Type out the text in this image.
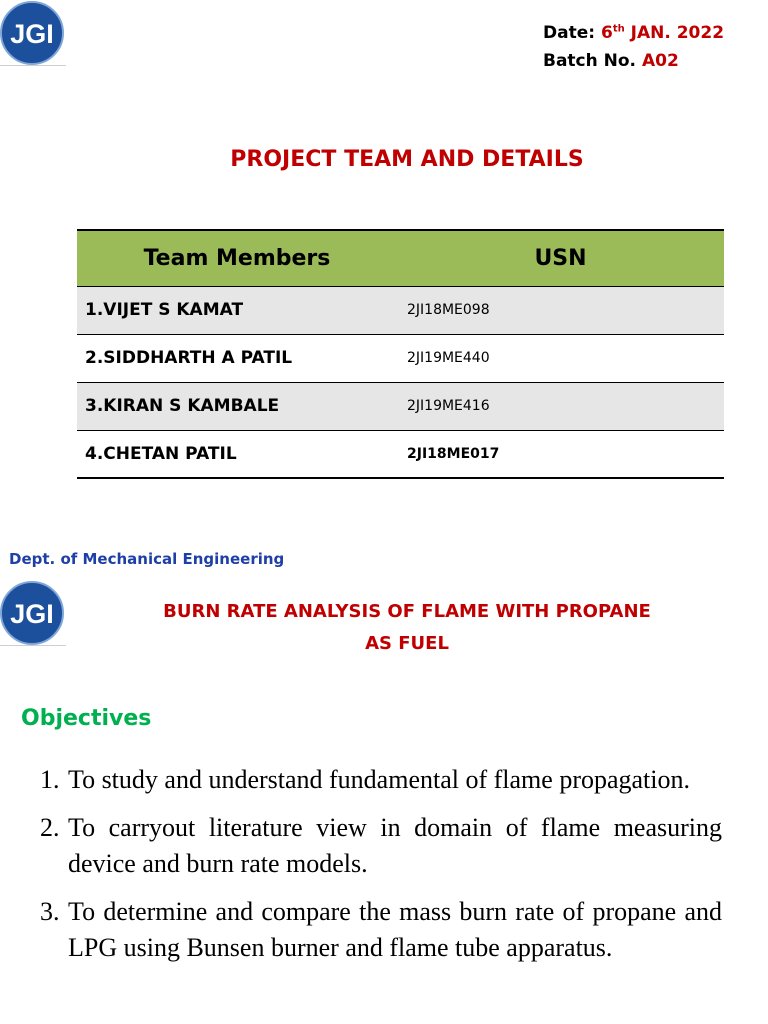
JGI	Date: 6th JAN. 2022
Batch No. A02
PROJECT TEAM AND DETAILS
Team Members	USN
1.VIJET S KAMAT	2JI18ME098
2.SIDDHARTH A PATIL	2JI19ME440
3.KIRAN S KAMBALE	2JI19ME416
4.CHETAN PATIL	2JI18ME017
Dept. of Mechanical Engineering
JGI	BURN RATE ANALYSIS OF FLAME WITH PROPANE
AS FUEL
Objectives
1. To study and understand fundamental of flame propagation.
2. To carryout literature view in domain of flame measuring device and burn rate models.
3. To determine and compare the mass burn rate of propane and LPG using Bunsen burner and flame tube apparatus.
